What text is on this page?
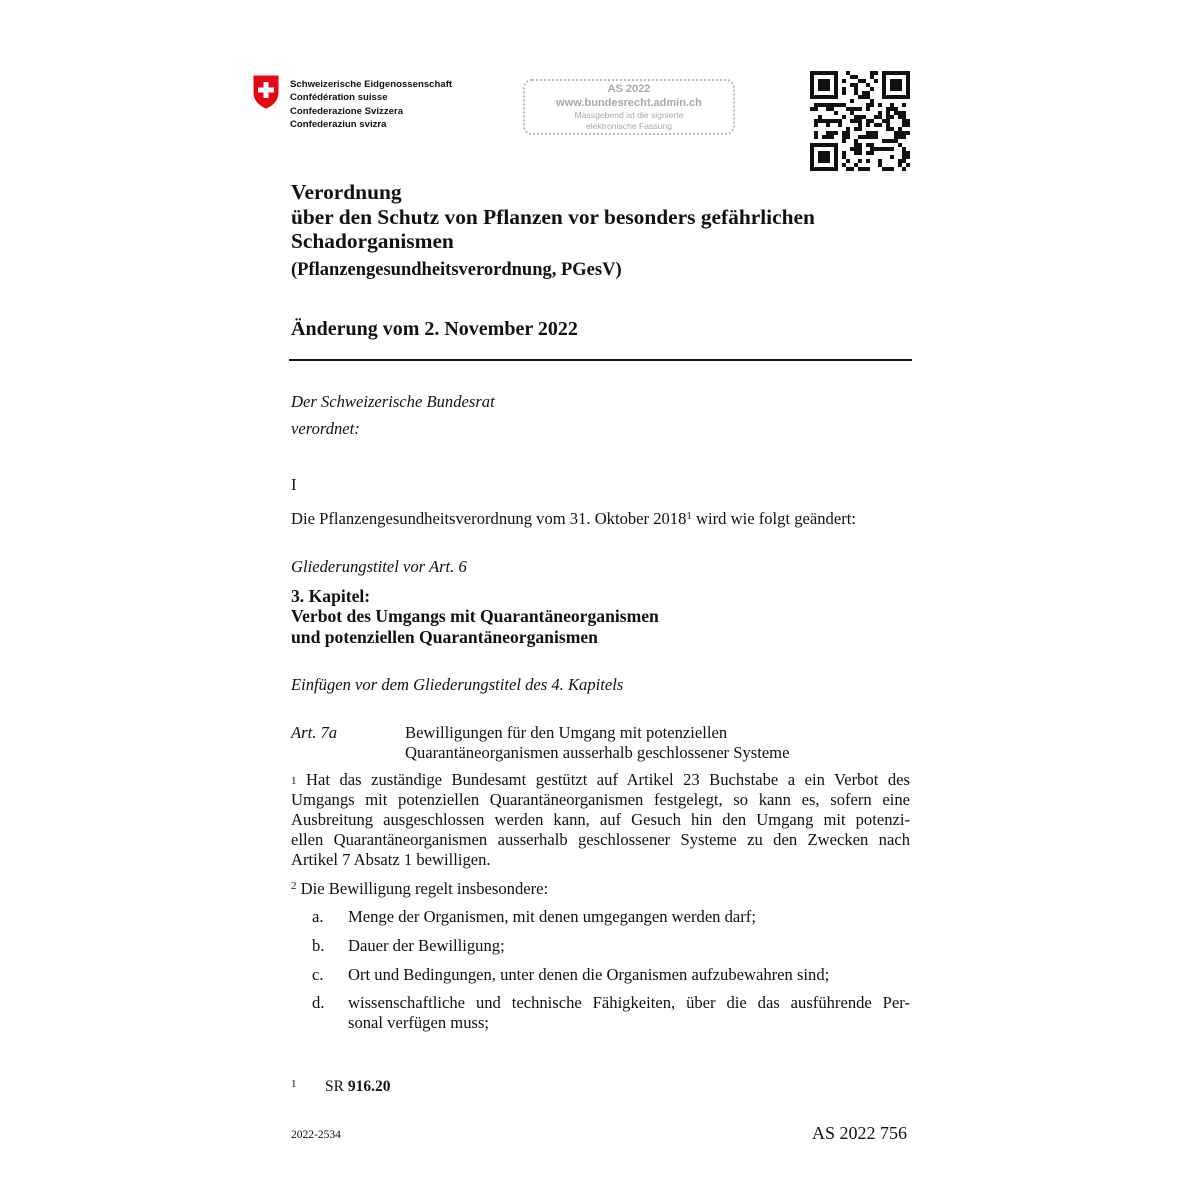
Schweizerische Eidgenossenschaft
Confédération suisse
Confederazione Svizzera
Confederaziun svizra
AS 2022
www.bundesrecht.admin.ch
Massgebend ist die signierte
elektronische Fassung
Verordnung
über den Schutz von Pflanzen vor besonders gefährlichen
Schadorganismen
(Pflanzengesundheitsverordnung, PGesV)
Änderung vom 2. November 2022
Der Schweizerische Bundesrat
verordnet:
I
Die Pflanzengesundheitsverordnung vom 31. Oktober 2018$^1$ wird wie folgt geändert:
Gliederungstitel vor Art. 6
3. Kapitel:
Verbot des Umgangs mit Quarantäneorganismen
und potenziellen Quarantäneorganismen
Einfügen vor dem Gliederungstitel des 4. Kapitels
Art. 7a	Bewilligungen für den Umgang mit potenziellen
Quarantäneorganismen ausserhalb geschlossener Systeme
$^1$ Hat das zuständige Bundesamt gestützt auf Artikel 23 Buchstabe a ein Verbot des
Umgangs mit potenziellen Quarantäneorganismen festgelegt, so kann es, sofern eine
Ausbreitung ausgeschlossen werden kann, auf Gesuch hin den Umgang mit potenzi-
ellen Quarantäneorganismen ausserhalb geschlossener Systeme zu den Zwecken nach
Artikel 7 Absatz 1 bewilligen.
$^2$ Die Bewilligung regelt insbesondere:
a. Menge der Organismen, mit denen umgegangen werden darf;
b. Dauer der Bewilligung;
c. Ort und Bedingungen, unter denen die Organismen aufzubewahren sind;
d. wissenschaftliche und technische Fähigkeiten, über die das ausführende Per-
sonal verfügen muss;
1 SR 916.20
2022-2534	AS 2022 756
